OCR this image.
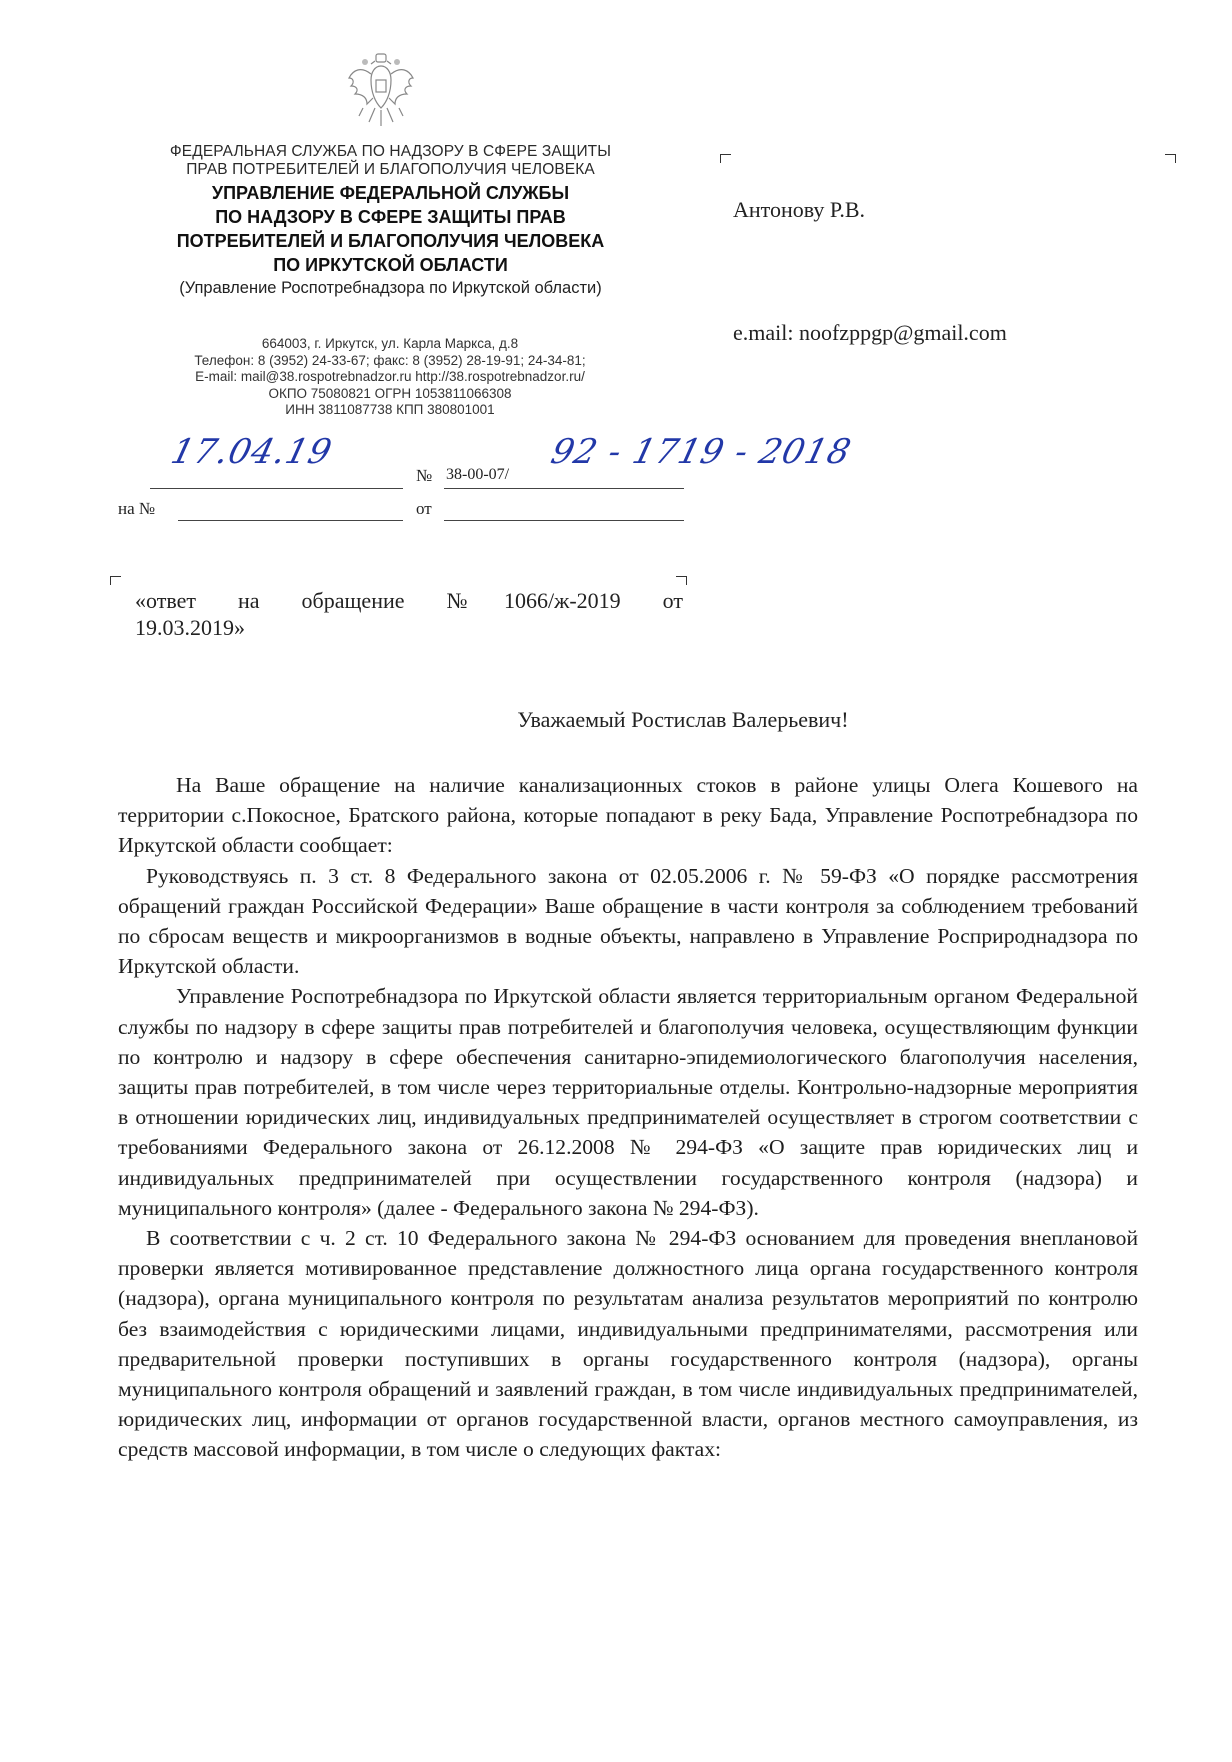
ФЕДЕРАЛЬНАЯ СЛУЖБА ПО НАДЗОРУ В СФЕРЕ ЗАЩИТЫ
ПРАВ ПОТРЕБИТЕЛЕЙ И БЛАГОПОЛУЧИЯ ЧЕЛОВЕКА
УПРАВЛЕНИЕ ФЕДЕРАЛЬНОЙ СЛУЖБЫ
ПО НАДЗОРУ В СФЕРЕ ЗАЩИТЫ ПРАВ
ПОТРЕБИТЕЛЕЙ И БЛАГОПОЛУЧИЯ ЧЕЛОВЕКА
ПО ИРКУТСКОЙ ОБЛАСТИ
(Управление Роспотребнадзора по Иркутской области)
664003, г. Иркутск, ул. Карла Маркса, д.8
Телефон: 8 (3952) 24-33-67; факс: 8 (3952) 28-19-91; 24-34-81;
E-mail: mail@38.rospotrebnadzor.ru http://38.rospotrebnadzor.ru/
ОКПО 75080821 ОГРН 1053811066308
ИНН 3811087738 КПП 380801001
Антонову Р.В.
e.mail: noofzppgp@gmail.com
17.04.19
№ 38-00-07/
92 - 1719 - 2018
на №	от
«ответ на обращение №1066/ж-2019 от
19.03.2019»
Уважаемый Ростислав Валерьевич!

На Ваше обращение на наличие канализационных стоков в районе улицы Олега Кошевого на территории с.Покосное, Братского района, которые попадают в реку Бада, Управление Роспотребнадзора по Иркутской области сообщает:

Руководствуясь п. 3 ст. 8 Федерального закона от 02.05.2006 г. № 59-ФЗ «О порядке рассмотрения обращений граждан Российской Федерации» Ваше обращение в части контроля за соблюдением требований по сбросам веществ и микроорганизмов в водные объекты, направлено в Управление Росприроднадзора по Иркутской области.

Управление Роспотребнадзора по Иркутской области является территориальным органом Федеральной службы по надзору в сфере защиты прав потребителей и благополучия человека, осуществляющим функции по контролю и надзору в сфере обеспечения санитарно-эпидемиологического благополучия населения, защиты прав потребителей, в том числе через территориальные отделы. Контрольно-надзорные мероприятия в отношении юридических лиц, индивидуальных предпринимателей осуществляет в строгом соответствии с требованиями Федерального закона от 26.12.2008 № 294-ФЗ «О защите прав юридических лиц и индивидуальных предпринимателей при осуществлении государственного контроля (надзора) и муниципального контроля» (далее - Федерального закона № 294-ФЗ).

В соответствии с ч. 2 ст. 10 Федерального закона № 294-ФЗ основанием для проведения внеплановой проверки является мотивированное представление должностного лица органа государственного контроля (надзора), органа муниципального контроля по результатам анализа результатов мероприятий по контролю без взаимодействия с юридическими лицами, индивидуальными предпринимателями, рассмотрения или предварительной проверки поступивших в органы государственного контроля (надзора), органы муниципального контроля обращений и заявлений граждан, в том числе индивидуальных предпринимателей, юридических лиц, информации от органов государственной власти, органов местного самоуправления, из средств массовой информации, в том числе о следующих фактах:
